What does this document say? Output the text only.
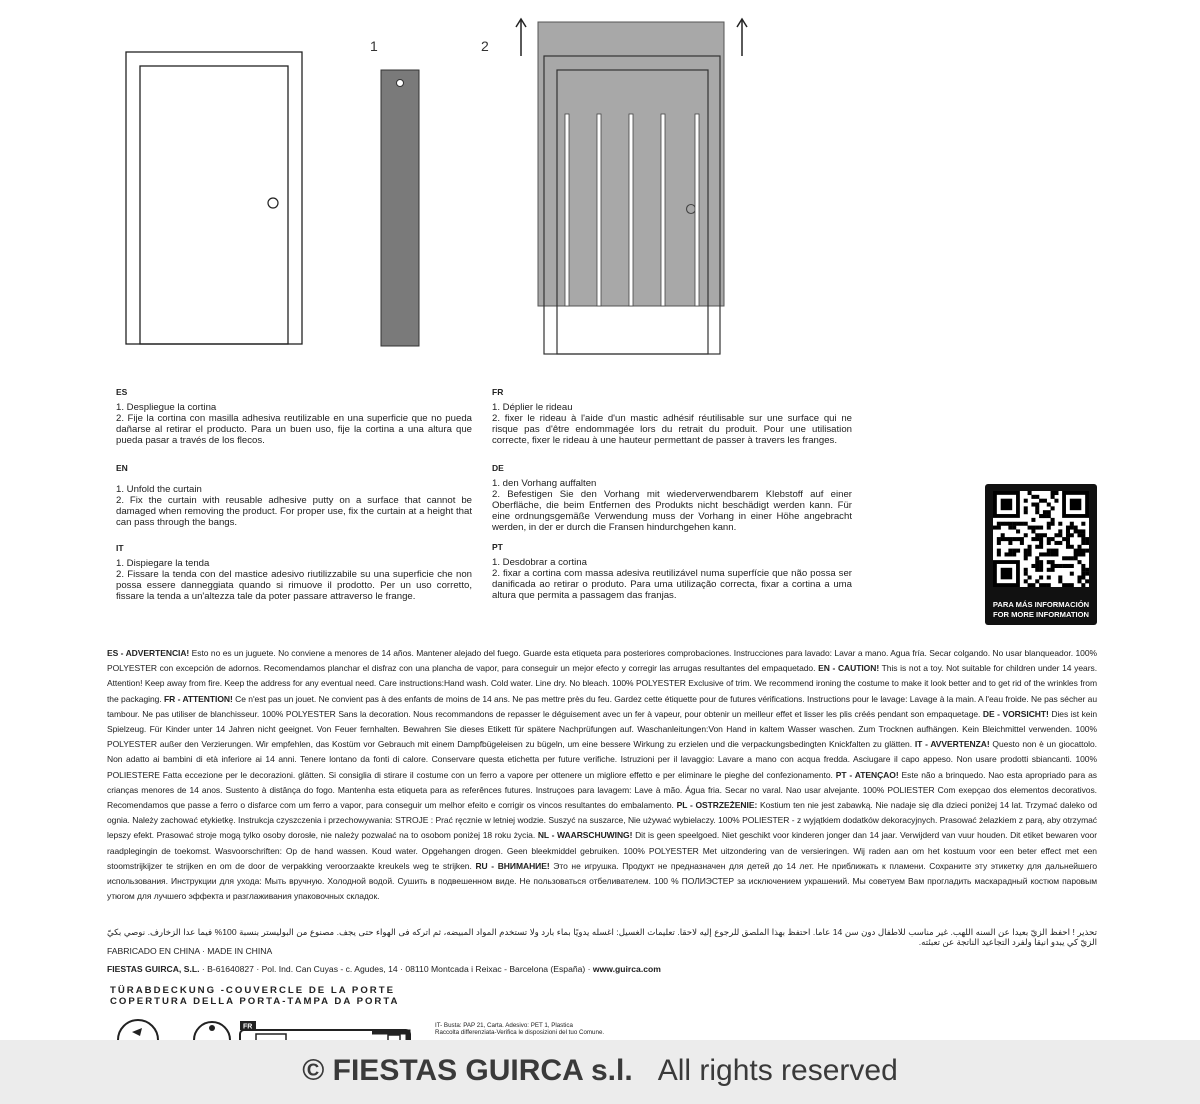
1	2
ES

1. Despliegue la cortina

2. Fije la cortina con masilla adhesiva reutilizable en una superficie que no pueda dañarse al retirar el producto. Para un buen uso, fije la cortina a una altura que pueda pasar a través de los flecos.

EN

1. Unfold the curtain

2. Fix the curtain with reusable adhesive putty on a surface that cannot be damaged when removing the product. For proper use, fix the curtain at a height that can pass through the bangs.

IT

1. Dispiegare la tenda

2. Fissare la tenda con del mastice adesivo riutilizzabile su una superficie che non possa essere danneggiata quando si rimuove il prodotto. Per un uso corretto, fissare la tenda a un'altezza tale da poter passare attraverso le frange.

FR

1. Déplier le rideau

2. fixer le rideau à l'aide d'un mastic adhésif réutilisable sur une surface qui ne risque pas d'être endommagée lors du retrait du produit. Pour une utilisation correcte, fixer le rideau à une hauteur permettant de passer à travers les franges.

DE

1. den Vorhang auffalten

2. Befestigen Sie den Vorhang mit wiederverwendbarem Klebstoff auf einer Oberfläche, die beim Entfernen des Produkts nicht beschädigt werden kann. Für eine ordnungsgemäße Verwendung muss der Vorhang in einer Höhe angebracht werden, in der er durch die Fransen hindurchgehen kann.

PT

1. Desdobrar a cortina

2. fixar a cortina com massa adesiva reutilizável numa superfície que não possa ser danificada ao retirar o produto. Para uma utilização correcta, fixar a cortina a uma altura que permita a passagem das franjas.

PARA MÁS INFORMACIÓN
FOR MORE INFORMATION
ES - ADVERTENCIA! Esto no es un juguete. No conviene a menores de 14 años. Mantener alejado del fuego. Guarde esta etiqueta para posteriores comprobaciones. Instrucciones para lavado: Lavar a mano. Agua fría. Secar colgando. No usar blanqueador. 100% POLYESTER con excepción de adornos. Recomendamos planchar el disfraz con una plancha de vapor, para conseguir un mejor efecto y corregir las arrugas resultantes del empaquetado. EN - CAUTION! This is not a toy. Not suitable for children under 14 years. Attention! Keep away from fire. Keep the address for any eventual need. Care instructions:Hand wash. Cold water. Line dry. No bleach. 100% POLYESTER Exclusive of trim. We recommend ironing the costume to make it look better and to get rid of the wrinkles from the packaging. FR - ATTENTION! Ce n'est pas un jouet. Ne convient pas à des enfants de moins de 14 ans. Ne pas mettre près du feu. Gardez cette étiquette pour de futures vérifications. Instructions pour le lavage: Lavage à la main. A l'eau froide. Ne pas sécher au tambour. Ne pas utiliser de blanchisseur. 100% POLYESTER Sans la decoration. Nous recommandons de repasser le déguisement avec un fer à vapeur, pour obtenir un meilleur effet et lisser les plis créés pendant son empaquetage. DE - VORSICHT! Dies ist kein Spielzeug. Für Kinder unter 14 Jahren nicht geeignet. Von Feuer fernhalten. Bewahren Sie dieses Etikett für spätere Nachprüfungen auf. Waschanleitungen:Von Hand in kaltem Wasser waschen. Zum Trocknen aufhängen. Kein Bleichmittel verwenden. 100% POLYESTER außer den Verzierungen. Wir empfehlen, das Kostüm vor Gebrauch mit einem Dampfbügeleisen zu bügeln, um eine bessere Wirkung zu erzielen und die verpackungsbedingten Knickfalten zu glätten. IT - AVVERTENZA! Questo non è un giocattolo. Non adatto ai bambini di età inferiore ai 14 anni. Tenere lontano da fonti di calore. Conservare questa etichetta per future verifiche. Istruzioni per il lavaggio: Lavare a mano con acqua fredda. Asciugare il capo appeso. Non usare prodotti sbiancanti. 100% POLIESTERE Fatta eccezione per le decorazioni. glätten. Si consiglia di stirare il costume con un ferro a vapore per ottenere un migliore effetto e per eliminare le pieghe del confezionamento. PT - ATENÇAO! Este não a brinquedo. Nao esta apropriado para as crianças menores de 14 anos. Sustento à distânça do fogo. Mantenha esta etiqueta para as referênces futures. Instruçoes para lavagem: Lave à mão. Água fria. Secar no varal. Nao usar alvejante. 100% POLIESTER Com exepçao dos elementos decorativos. Recomendamos que passe a ferro o disfarce com um ferro a vapor, para conseguir um melhor efeito e corrigir os vincos resultantes do embalamento. PL - OSTRZEŻENIE: Kostium ten nie jest zabawką. Nie nadaje się dla dzieci poniżej 14 lat. Trzymać daleko od ognia. Należy zachować etykietkę. Instrukcja czyszczenia i przechowywania: STROJE : Prać ręcznie w letniej wodzie. Suszyć na suszarce, Nie używać wybielaczy. 100% POLIESTER - z wyjątkiem dodatków dekoracyjnych. Prasować żelazkiem z parą, aby otrzymać lepszy efekt. Prasować stroje mogą tylko osoby dorosłe, nie należy pozwalać na to osobom poniżej 18 roku życia. NL - WAARSCHUWING! Dit is geen speelgoed. Niet geschikt voor kinderen jonger dan 14 jaar. Verwijderd van vuur houden. Dit etiket bewaren voor raadplegingin de toekomst. Wasvoorschriften: Op de hand wassen. Koud water. Opgehangen drogen. Geen bleekmiddel gebruiken. 100% POLYESTER Met uitzondering van de versieringen. Wij raden aan om het kostuum voor een beter effect met een stoomstrijkijzer te strijken en om de door de verpakking veroorzaakte kreukels weg te strijken. RU - ВНИМАНИЕ! Это не игрушка. Продукт не предназначен для детей до 14 лет. Не приближать к пламени. Сохраните эту этикетку для дальнейшего использования. Инструкции для ухода: Мыть вручную. Холодной водой. Сушить в подвешенном виде. Не пользоваться отбеливателем. 100 % ПОЛИЭСТЕР за исключением украшений. Мы советуем Вам прогладить маскарадный костюм паровым утюгом для лучшего эффекта и разглаживания упаковочных складок.
تحذير ! احفظ الزيّ بعيدا عن السنه اللهب. غير مناسب للاطفال دون سن 14 عاما. احتفظ بهذا الملصق للرجوع إليه لاحقا. تعليمات الغسيل: اغسله يدويًا بماء بارد ولا تستخدم المواد المبيضه، ثم اتركه فى الهواء حتى يجف. مصنوع من البوليستر بنسبة 100% فيما عدا الزخارف. نوصي بكيّ الزيّ كي يبدو انيقا ولفرد التجاعيد الناتجة عن تعبئته.
FABRICADO EN CHINA · MADE IN CHINA
FIESTAS GUIRCA, S.L. · B-61640827 · Pol. Ind. Can Cuyas - c. Agudes, 14 · 08110 Montcada i Reixac - Barcelona (España) · www.guirca.com
TÜRABDECKUNG -COUVERCLE DE LA PORTE
COPERTURA DELLA PORTA-TAMPA DA PORTA
FR	IT- Busta: PAP 21, Carta. Adesivo: PET 1, Plastica
Raccolta differenziata-Verifica le disposizioni del tuo Comune.
© FIESTAS GUIRCA s.l. All rights reserved
